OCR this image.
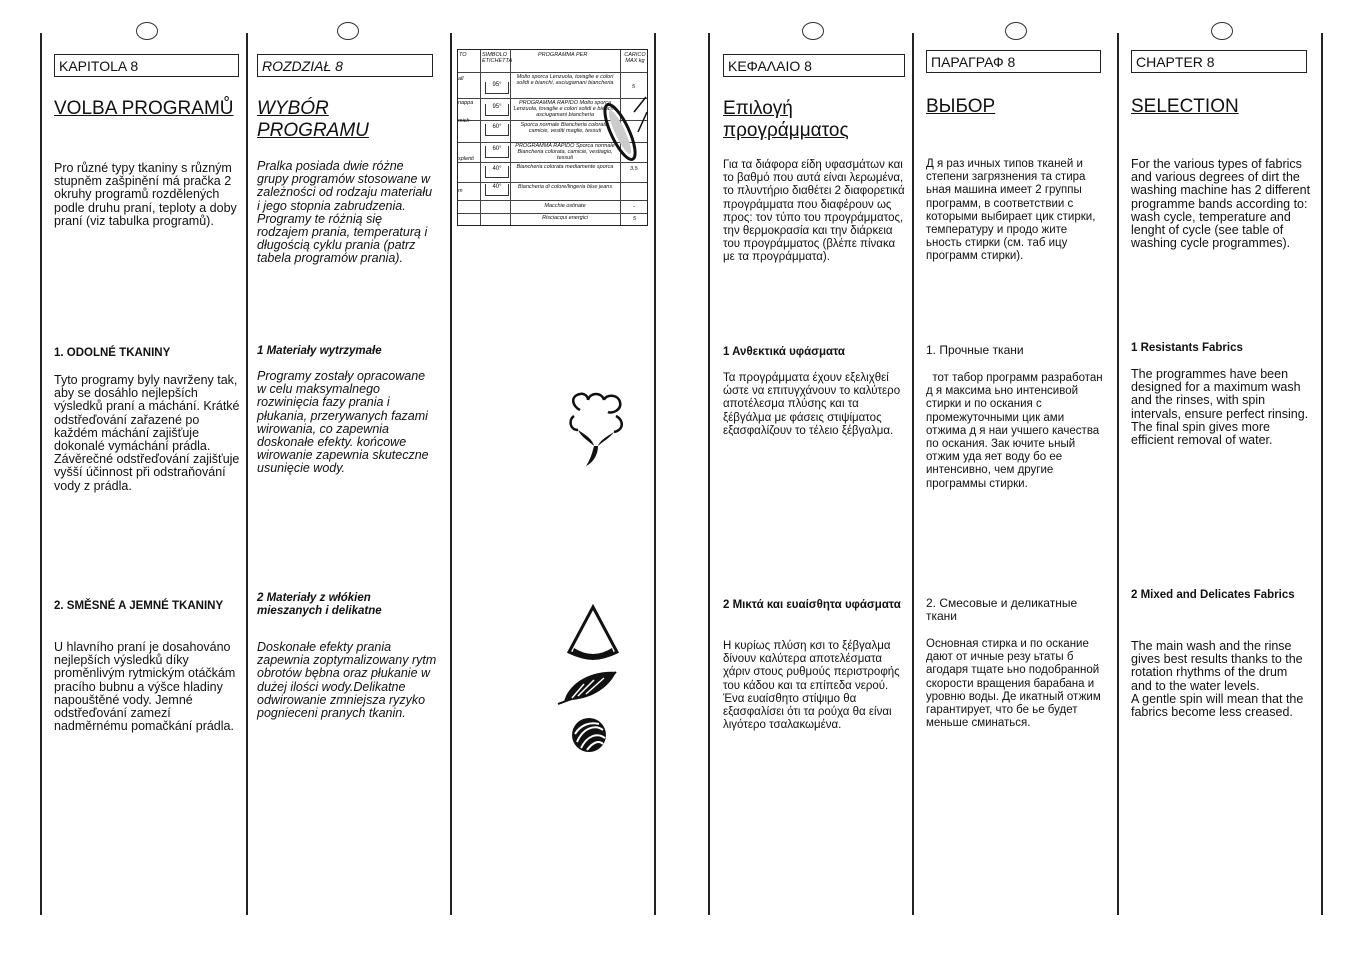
KAPITOLA 8
VOLBA PROGRAMŮ
Pro různé typy tkaniny s různým stupněm zašpinění má pračka 2 okruhy programů rozdělených podle druhu praní, teploty a doby praní (viz tabulka programů).
1. ODOLNÉ TKANINY
Tyto programy byly navrženy tak, aby se dosáhlo nejlepších výsledků praní a máchání. Krátké odstřeďování zařazené po každém máchání zajišťuje dokonalé vymáchání prádla. Závěrečné odstřeďování zajišťuje vyšší účinnost při odstraňování vody z prádla.
2. SMĚSNÉ A JEMNÉ TKANINY
U hlavního praní je dosahováno nejlepších výsledků díky proměnlivým rytmickým otáčkám pracího bubnu a výšce hladiny napouštěné vody. Jemné odstřeďování zamezí nadměrnému pomačkání prádla.
ROZDZIAŁ 8
WYBÓR PROGRAMU
Pralka posiada dwie różne grupy programów stosowane w zależności od rodzaju materiału i jego stopnia zabrudzenia. Programy te różnią się rodzajem prania, temperaturą i długością cyklu prania (patrz tabela programów prania).
1 Materiały wytrzymałe
Programy zostały opracowane w celu maksymalnego rozwinięcia fazy prania i płukania, przerywanych fazami wirowania, co zapewnia doskonałe efekty. końcowe wirowanie zapewnia skuteczne usunięcie wody.
2 Materiały z włókien mieszanych i delikatne
Doskonałe efekty prania zapewnia zoptymalizowany rytm obrotów bębna oraz płukanie w dużej ilości wody.Delikatne odwirowanie zmniejsza ryzyko pognieceni pranych tkanin.
TO	SIMBOLO ETICHETTA
PROGRAMMA PER	CARICO MAX kg
all
nappa
mich
splenti
m
95°
95°
60°
60°
40°
40°
Molto sporca Lenzuola, tovaglie e colori solidi e bianchi, asciugamani biancheria
PROGRAMMA RAPIDO Molto sporca Lenzuola, tovaglie e colori solidi e bianchi, asciugamani biancheria
Sporca normale Biancheria colorata, camicie, vestiti maglie, tessuti
PROGRAMMA RAPIDO Sporca normale Biancheria colorata, camicie, vestiagio, tessuti
Biancheria colorata mediamente sporca
Biancheria di colore/lingeria blue jeans
Macchie ostinate
Risciacqui energici
5
3.5
-
5
ΚΕΦΑΛΑΙΟ 8
Επιλογή προγράμματος
Για τα διάφορα είδη υφασμάτων και το βαθμό που αυτά είναι λερωμένα, το πλυντήριο διαθέτει 2 διαφορετικά προγράμματα που διαφέρουν ως προς: τον τύπο του προγράμματος, την θερμοκρασία και την διάρκεια του προγράμματος (βλέπε πίνακα με τα προγράμματα).
1 Ανθεκτικά υφάσματα
Τα προγράμματα έχουν εξελιχθεί ώστε να επιτυγχάνουν το καλύτερο αποτέλεσμα πλύσης και τα ξέβγάλμα με φάσεις στιψίματος εξασφαλίζουν το τέλειο ξέβγαλμα.
2 Μικτά και ευαίσθητα υφάσματα
Η κυρίως πλύση κσι το ξέβγαλμα δίνουν καλύτερα αποτελέσματα χάριν στους ρυθμούς περιστροφής του κάδου και τα επίπεδα νερού. Ένα ευαίσθητο στίψιμο θα εξασφαλίσει ότι τα ρούχα θα είναι λιγότερο τσαλακωμένα.
ПАРАГРАФ 8
ВЫБОР
Д я раз ичных типов тканей и степени загрязнения та стира ьная машина имеет 2 группы программ, в соответствии с которыми выбирает цик стирки, температуру и продо жите ьность стирки (см. таб ицу программ стирки).
1. Прочные ткани
тот табор программ разработан д я максима ьно интенсивой стирки и по оскания с промежуточными цик ами отжима д я наи учшего качества по оскания. Зак ючите ьный отжим уда яет воду бо ее интенсивно, чем другие программы стирки.
2. Смесовые и деликатные ткани
Основная стирка и по оскание дают от ичные резу ьтаты б агодаря тщате ьно подобранной скорости вращения барабана и уровню воды. Де икатный отжим гарантирует, что бе ье будет меньше сминаться.
CHAPTER 8
SELECTION
For the various types of fabrics and various degrees of dirt the washing machine has 2 different programme bands according to: wash cycle, temperature and lenght of cycle (see table of washing cycle programmes).
1 Resistants Fabrics
The programmes have been designed for a maximum wash and the rinses, with spin intervals, ensure perfect rinsing.
The final spin gives more efficient removal of water.
2 Mixed and Delicates Fabrics
The main wash and the rinse gives best results thanks to the rotation rhythms of the drum and to the water levels.
A gentle spin will mean that the fabrics become less creased.
